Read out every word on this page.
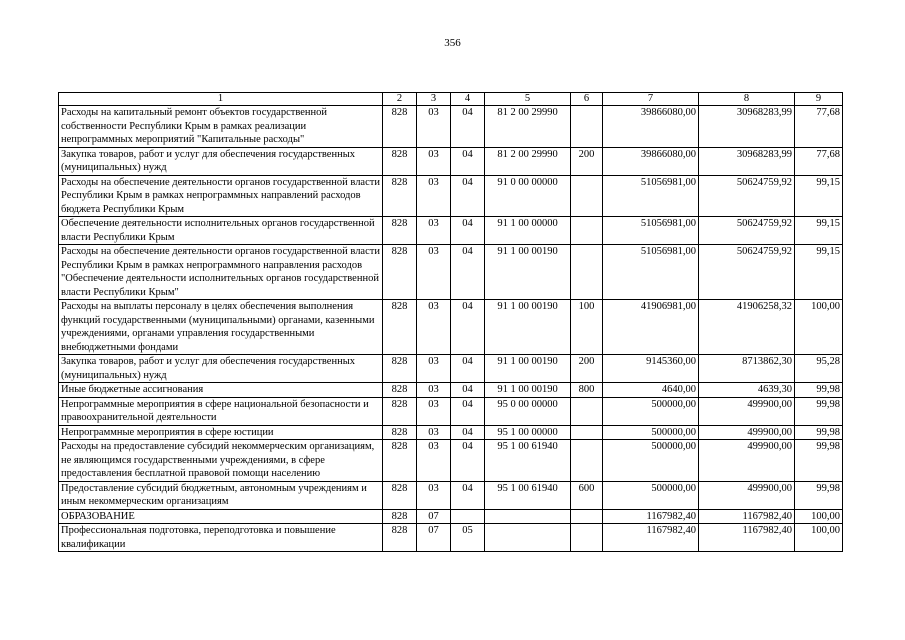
356
1	2	3	4	5	6	7	8	9
Расходы на капитальный ремонт объектов государственной собственности Республики Крым в рамках реализации непрограммных мероприятий "Капитальные расходы"	828	03	04	81 2 00 29990		39866080,00	30968283,99	77,68
Закупка товаров, работ и услуг для обеспечения государственных (муниципальных) нужд	828	03	04	81 2 00 29990	200	39866080,00	30968283,99	77,68
Расходы на обеспечение деятельности органов государственной власти Республики Крым в рамках непрограммных направлений расходов бюджета Республики Крым	828	03	04	91 0 00 00000		51056981,00	50624759,92	99,15
Обеспечение деятельности исполнительных органов государственной власти Республики Крым	828	03	04	91 1 00 00000		51056981,00	50624759,92	99,15
Расходы на обеспечение деятельности органов государственной власти Республики Крым в рамках непрограммного направления расходов "Обеспечение деятельности исполнительных органов государственной власти Республики Крым"	828	03	04	91 1 00 00190		51056981,00	50624759,92	99,15
Расходы на выплаты персоналу в целях обеспечения выполнения функций государственными (муниципальными) органами, казенными учреждениями, органами управления государственными внебюджетными фондами	828	03	04	91 1 00 00190	100	41906981,00	41906258,32	100,00
Закупка товаров, работ и услуг для обеспечения государственных (муниципальных) нужд	828	03	04	91 1 00 00190	200	9145360,00	8713862,30	95,28
Иные бюджетные ассигнования	828	03	04	91 1 00 00190	800	4640,00	4639,30	99,98
Непрограммные мероприятия в сфере национальной безопасности и правоохранительной деятельности	828	03	04	95 0 00 00000		500000,00	499900,00	99,98
Непрограммные мероприятия в сфере юстиции	828	03	04	95 1 00 00000		500000,00	499900,00	99,98
Расходы на предоставление субсидий некоммерческим организациям, не являющимся государственными учреждениями, в сфере предоставления бесплатной правовой помощи населению	828	03	04	95 1 00 61940		500000,00	499900,00	99,98
Предоставление субсидий бюджетным, автономным учреждениям и иным некоммерческим организациям	828	03	04	95 1 00 61940	600	500000,00	499900,00	99,98
ОБРАЗОВАНИЕ	828	07				1167982,40	1167982,40	100,00
Профессиональная подготовка, переподготовка и повышение квалификации	828	07	05			1167982,40	1167982,40	100,00
